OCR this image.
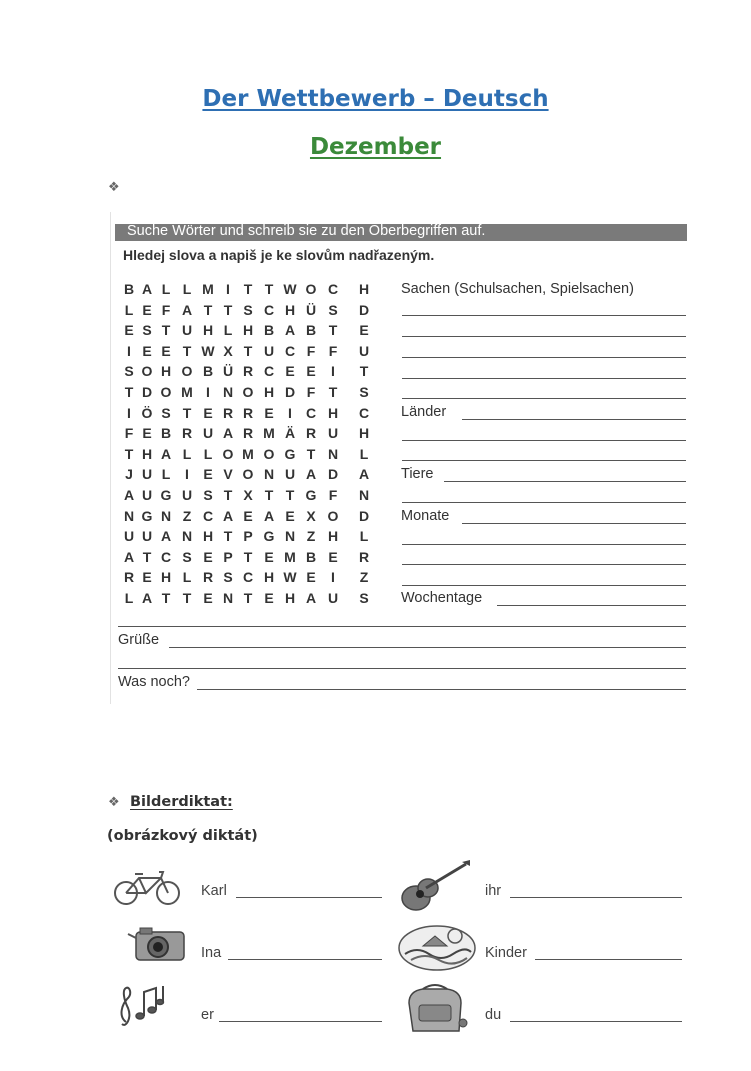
Der Wettbewerb – Deutsch
Dezember
❖
Suche Wörter und schreib sie zu den Oberbegriffen auf.
Hledej slova a napiš je ke slovům nadřazeným.
B A L L M I T T W O C H
L E F A T T S C H Ü S D
E S T U H L H B A B T E
I E E T W X T U C F F U
S O H O B Ü R C E E	I	T
T D O M I N O H D F T S
I Ö S T E R R E	I	C H C
F E B R U A R M Ä R U H
T H A L L O M O G T N L
J U L	I	E V O N U A D A
A U G U S T X T T G F N
N G N Z C A E A E X O D
U U A N H T P G N Z H L
A T C S E P T E M B E R
R E H L R S C H W E	I	Z
L A T T E N T E H A U S
Sachen (Schulsachen, Spielsachen)
Länder
Tiere
Monate
Wochentage
Grüße
Was noch?
❖ Bilderdiktat:
(obrázkový diktát)
Karl	ihr
Ina	Kinder
er	du
